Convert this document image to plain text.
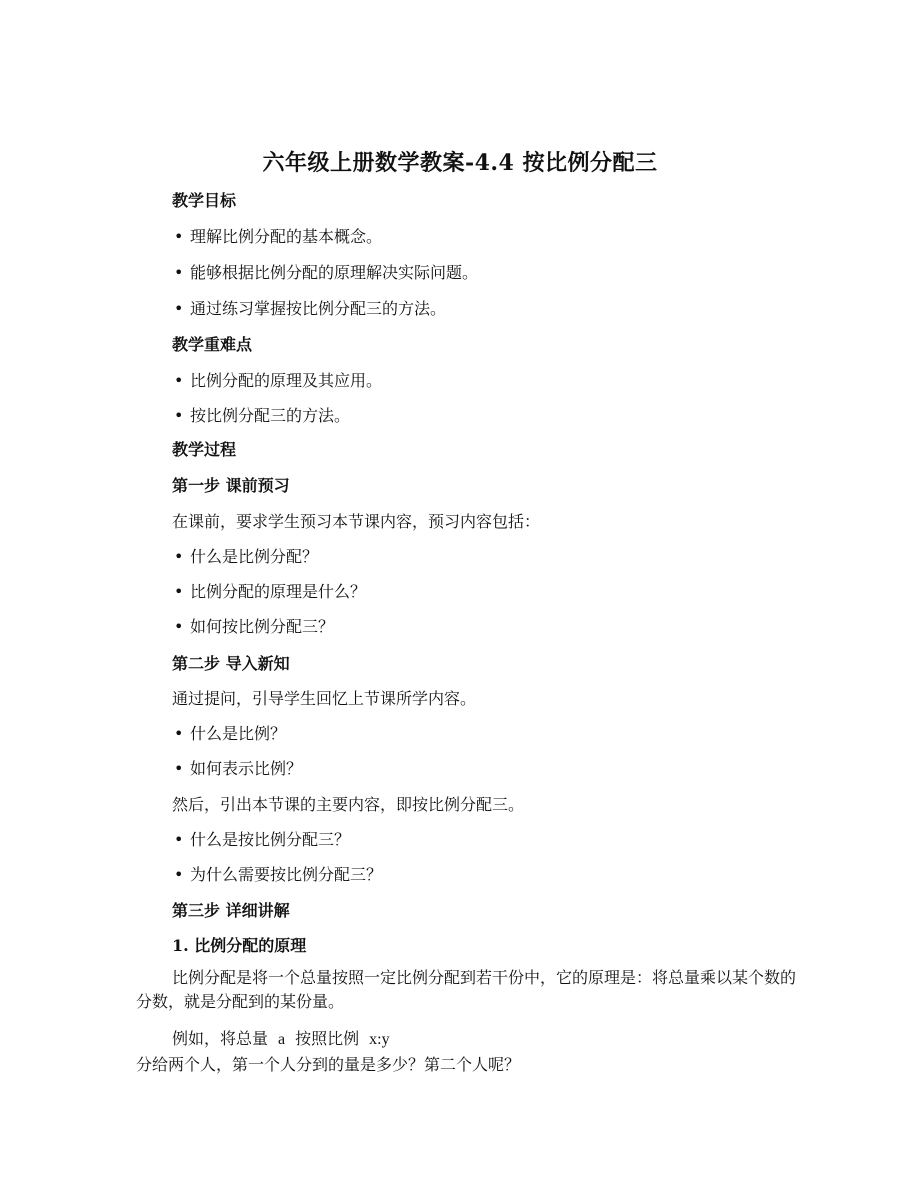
六年级上册数学教案-4.4 按比例分配三
教学目标
• 理解比例分配的基本概念。
• 能够根据比例分配的原理解决实际问题。
• 通过练习掌握按比例分配三的方法。
教学重难点
• 比例分配的原理及其应用。
• 按比例分配三的方法。
教学过程
第一步 课前预习
在课前，要求学生预习本节课内容，预习内容包括：
• 什么是比例分配？
• 比例分配的原理是什么？
• 如何按比例分配三？
第二步 导入新知
通过提问，引导学生回忆上节课所学内容。
• 什么是比例？
• 如何表示比例？
然后，引出本节课的主要内容，即按比例分配三。
• 什么是按比例分配三？
• 为什么需要按比例分配三？
第三步 详细讲解
1. 比例分配的原理
比例分配是将一个总量按照一定比例分配到若干份中，它的原理是：将总量乘以某个数的分数，就是分配到的某份量。
例如，将总量 a 按照比例 x:y
分给两个人，第一个人分到的量是多少？第二个人呢？
